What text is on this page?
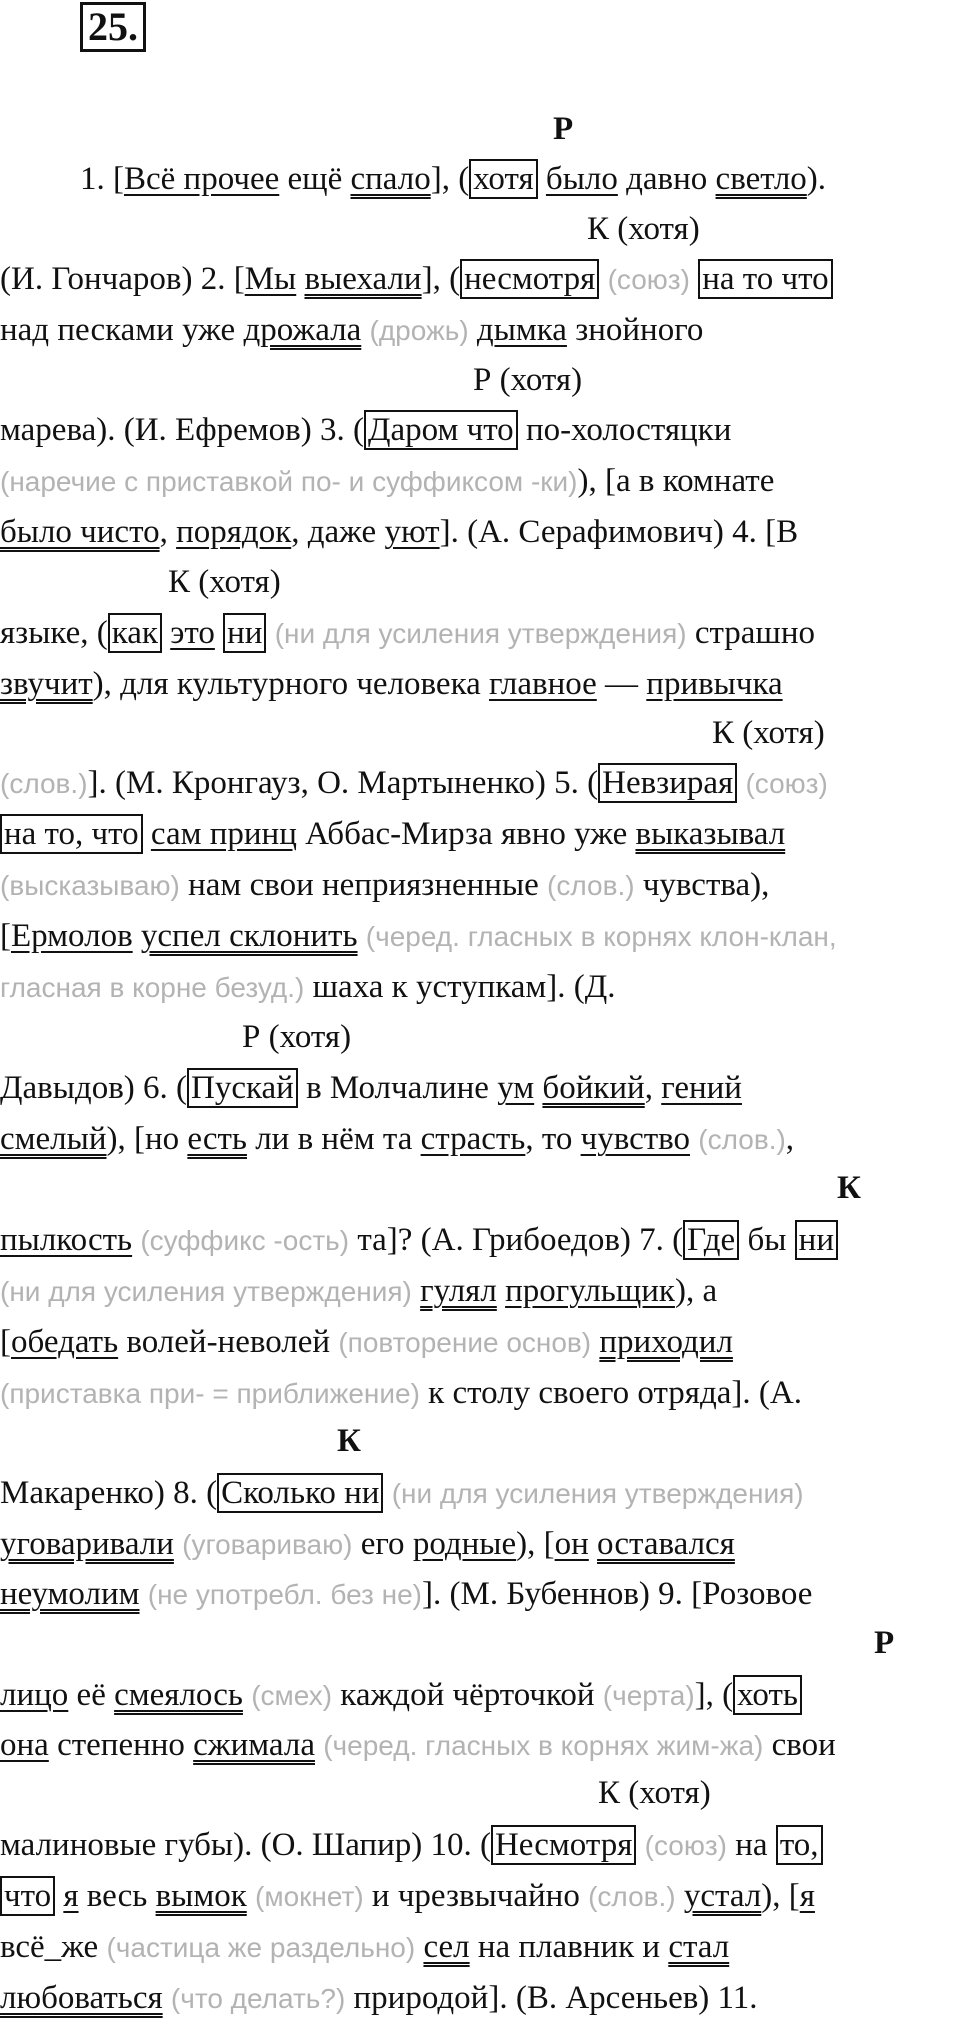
25.
Р
К (хотя)
Р (хотя)
К (хотя)
К (хотя)
Р (хотя)
К
К
Р
К (хотя)
1. [Всё прочее ещё спало], ( хотя было давно светло).
(И. Гончаров) 2. [Мы выехали], ( несмотря (союз) на то что
над песками уже дрожала (дрожь) дымка знойного
марева). (И. Ефремов) 3. ( Даром что по-холостяцки
(наречие с приставкой по- и суффиксом -ки)), [а в комнате
было чисто, порядок, даже уют]. (А. Серафимович) 4. [В
языке, ( как это ни (ни для усиления утверждения) страшно
звучит), для культурного человека главное — привычка
(слов.)]. (М. Кронгауз, О. Мартыненко) 5. ( Невзирая (союз)
на то, что сам принц Аббас-Мирза явно уже выказывал
(высказываю) нам свои неприязненные (слов.) чувства),
[Ермолов успел склонить (черед. гласных в корнях клон-клан,
гласная в корне безуд.) шаха к уступкам]. (Д.
Давыдов) 6. ( Пускай в Молчалине ум бойкий, гений
смелый), [но есть ли в нём та страсть, то чувство (слов.),
пылкость (суффикс -ость) та]? (А. Грибоедов) 7. ( Где бы ни
(ни для усиления утверждения) гулял прогульщик), а
[обедать волей-неволей (повторение основ) приходил
(приставка при- = приближение) к столу своего отряда]. (А.
Макаренко) 8. ( Сколько ни (ни для усиления утверждения)
уговаривали (уговариваю) его родные), [он оставался
неумолим (не употребл. без не)]. (М. Бубеннов) 9. [Розовое
лицо её смеялось (смех) каждой чёрточкой (черта)], ( хоть
она степенно сжимала (черед. гласных в корнях жим-жа) свои
малиновые губы). (О. Шапир) 10. ( Несмотря (союз) на то,
что я весь вымок (мокнет) и чрезвычайно (слов.) устал), [я
всё_же (частица же раздельно) сел на плавник и стал
любоваться (что делать?) природой]. (В. Арсеньев) 11.
